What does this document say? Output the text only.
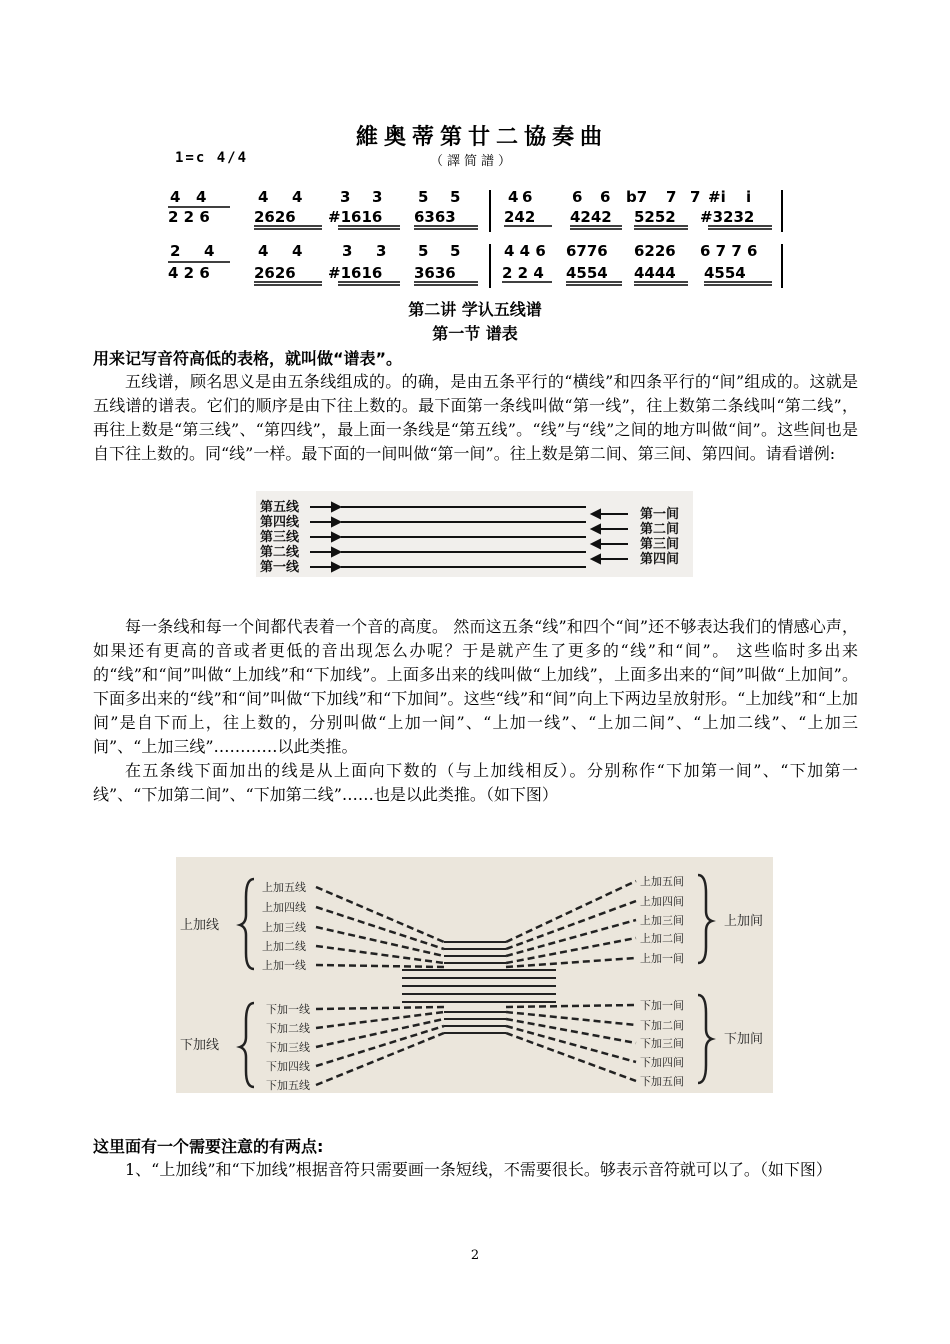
維奥蒂第廿二協奏曲
（譯简譜）
1=c 4/4
4 4	4 4	3 3 5 5	4 6	6 6 b7 7 7 #i i
2 2 6	2626 #1616 6363	242 4242 5252 #3232
2 4	4 4	3 3 5 5	4 4 6 6776 6226 6 7 7 6
4 2 6	2626 #1616 3636	2 2 4 4554 4444 4554
第二讲 学认五线谱
第一节 谱表
用来记写音符高低的表格，就叫做“谱表”。

五线谱，顾名思义是由五条线组成的。的确，是由五条平行的“横线”和四条平行的“间”组成的。这就是五线谱的谱表。它们的顺序是由下往上数的。最下面第一条线叫做“第一线”，往上数第二条线叫“第二线”，再往上数是“第三线”、“第四线”，最上面一条线是“第五线”。“线”与“线”之间的地方叫做“间”。这些间也是自下往上数的。同“线”一样。最下面的一间叫做“第一间”。往上数是第二间、第三间、第四间。请看谱例:

第五线
第四线
第三线
第二线
第一线
第一间
第二间
第三间
第四间

每一条线和每一个间都代表着一个音的高度。 然而这五条“线”和四个“间”还不够表达我们的情感心声，如果还有更高的音或者更低的音出现怎么办呢？于是就产生了更多的“线”和“间”。 这些临时多出来的“线”和“间”叫做“上加线”和“下加线”。上面多出来的线叫做“上加线”，上面多出来的“间”叫做“上加间”。下面多出来的“线”和“间”叫做“下加线”和“下加间”。这些“线”和“间”向上下两边呈放射形。“上加线”和“上加间”是自下而上，往上数的，分别叫做“上加一间”、“上加一线”、“上加二间”、“上加二线”、“上加三间”、“上加三线”…………以此类推。

在五条线下面加出的线是从上面向下数的（与上加线相反）。分别称作“下加第一间”、“下加第一线”、“下加第二间”、“下加第二线”……也是以此类推。（如下图）

上加线
下加线
上加间
下加间
上加五线
上加四线
上加三线
上加二线
上加一线
上加五间
上加四间
上加三间
上加二间
上加一间
下加一线
下加二线
下加三线
下加四线
下加五线
下加一间
下加二间
下加三间
下加四间
下加五间
这里面有一个需要注意的有两点:

1、“上加线”和“下加线”根据音符只需要画一条短线，不需要很长。够表示音符就可以了。（如下图）

2
